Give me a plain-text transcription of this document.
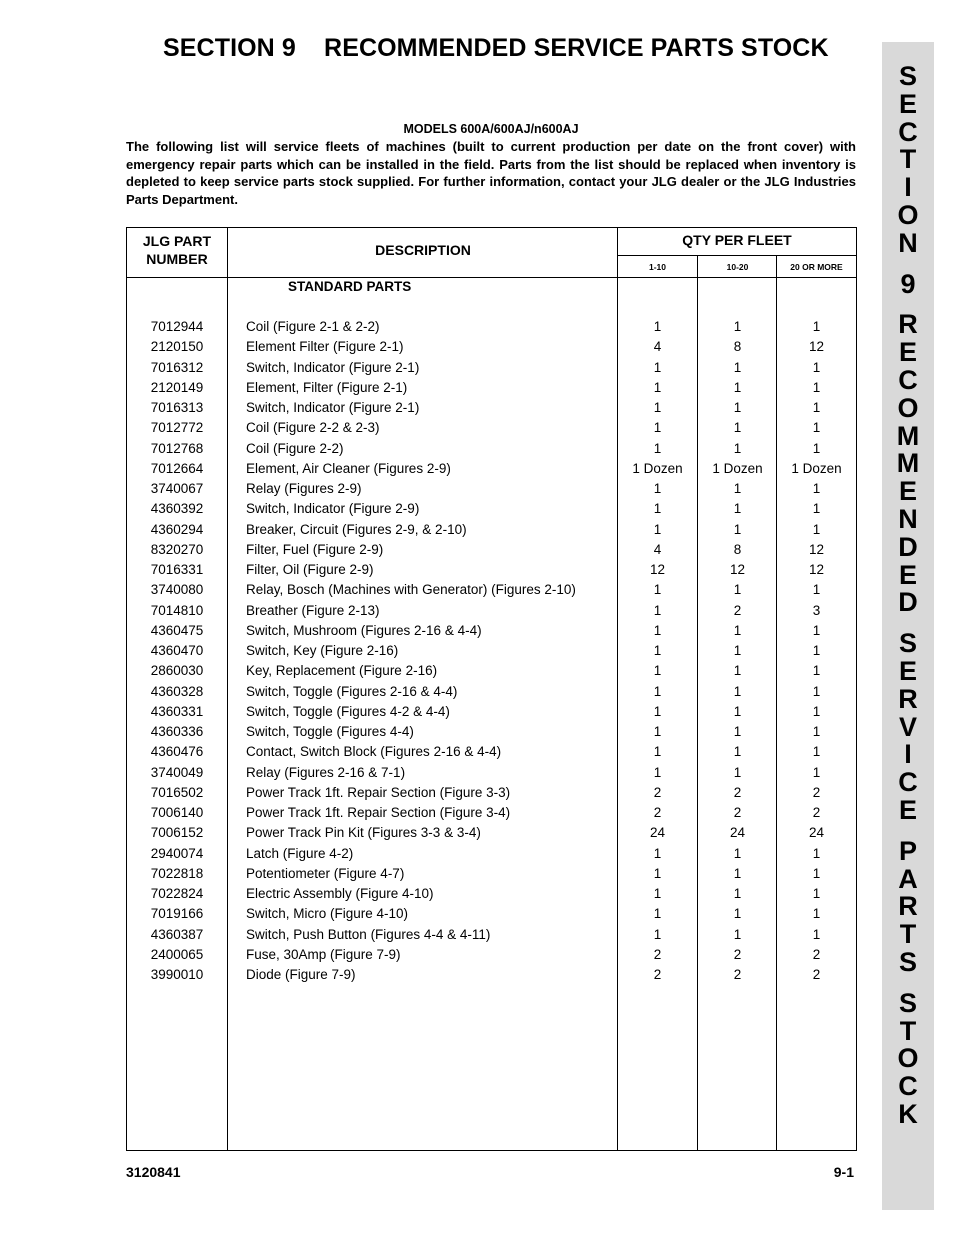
SECTION 9    RECOMMENDED SERVICE PARTS STOCK
S
E
C
T
I
O
N
9
R
E
C
O
M
M
E
N
D
E
D
S
E
R
V
I
C
E
P
A
R
T
S
S
T
O
C
K
MODELS 600A/600AJ/n600AJ
The following list will service fleets of machines (built to current production per date on the front cover) with emergency repair parts which can be installed in the field. Parts from the list should be replaced when inventory is depleted to keep service parts stock supplied. For further information, contact your JLG dealer or the JLG Industries Parts Department.
JLG PART NUMBER
DESCRIPTION
QTY PER FLEET
1-10	10-20	20 OR MORE
STANDARD PARTS
7012944	Coil (Figure 2-1 & 2-2)	1	1	1
2120150	Element Filter (Figure 2-1)	4	8	12
7016312	Switch, Indicator (Figure 2-1)	1	1	1
2120149	Element, Filter (Figure 2-1)	1	1	1
7016313	Switch, Indicator (Figure 2-1)	1	1	1
7012772	Coil (Figure 2-2 & 2-3)	1	1	1
7012768	Coil (Figure 2-2)	1	1	1
7012664	Element, Air Cleaner (Figures 2-9)	1 Dozen	1 Dozen	1 Dozen
3740067	Relay (Figures 2-9)	1	1	1
4360392	Switch, Indicator (Figure 2-9)	1	1	1
4360294	Breaker, Circuit (Figures 2-9, & 2-10)	1	1	1
8320270	Filter, Fuel (Figure 2-9)	4	8	12
7016331	Filter, Oil (Figure 2-9)	12	12	12
3740080	Relay, Bosch (Machines with Generator) (Figures 2-10)	1	1	1
7014810	Breather (Figure 2-13)	1	2	3
4360475	Switch, Mushroom (Figures 2-16 & 4-4)	1	1	1
4360470	Switch, Key (Figure 2-16)	1	1	1
2860030	Key, Replacement (Figure 2-16)	1	1	1
4360328	Switch, Toggle (Figures 2-16 & 4-4)	1	1	1
4360331	Switch, Toggle (Figures 4-2 & 4-4)	1	1	1
4360336	Switch, Toggle (Figures 4-4)	1	1	1
4360476	Contact, Switch Block (Figures 2-16 & 4-4)	1	1	1
3740049	Relay (Figures 2-16 & 7-1)	1	1	1
7016502	Power Track 1ft. Repair Section (Figure 3-3)	2	2	2
7006140	Power Track 1ft. Repair Section (Figure 3-4)	2	2	2
7006152	Power Track Pin Kit (Figures 3-3 & 3-4)	24	24	24
2940074	Latch (Figure 4-2)	1	1	1
7022818	Potentiometer (Figure 4-7)	1	1	1
7022824	Electric Assembly (Figure 4-10)	1	1	1
7019166	Switch, Micro (Figure 4-10)	1	1	1
4360387	Switch, Push Button (Figures 4-4 & 4-11)	1	1	1
2400065	Fuse, 30Amp (Figure 7-9)	2	2	2
3990010	Diode (Figure 7-9)	2	2	2
3120841	9-1
